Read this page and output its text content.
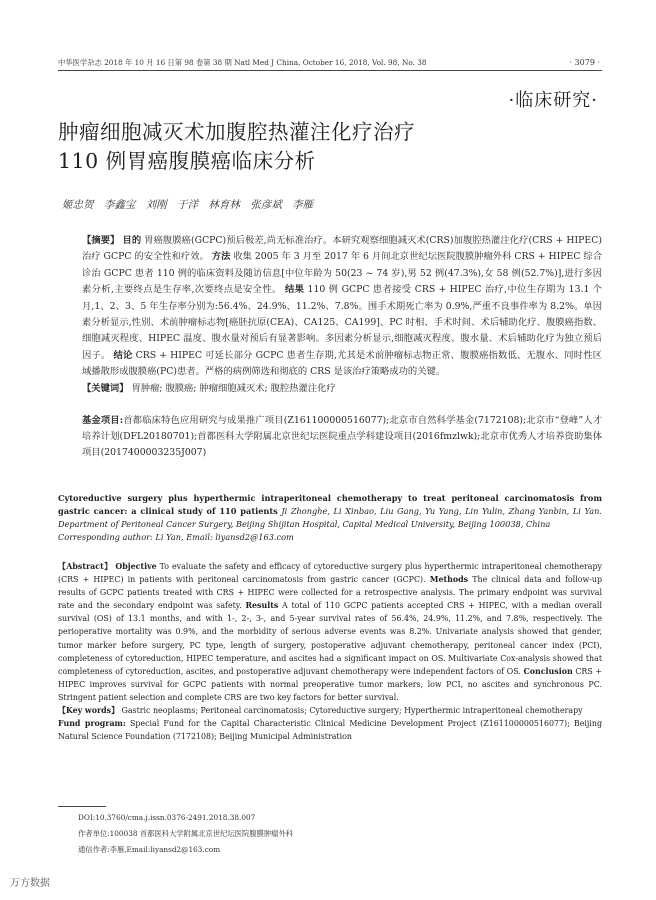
中华医学杂志 2018 年 10 月 16 日第 98 卷第 38 期 Natl Med J China, October 16, 2018, Vol. 98, No. 38	· 3079 ·
·临床研究·
肿瘤细胞减灭术加腹腔热灌注化疗治疗
110 例胃癌腹膜癌临床分析
姬忠贺 李鑫宝 刘刚 于洋 林育林 张彦斌 李雁

【摘要】 目的 胃癌腹膜癌(GCPC)预后极差,尚无标准治疗。本研究观察细胞减灭术(CRS)加腹腔热灌注化疗(CRS + HIPEC)治疗 GCPC 的安全性和疗效。 方法 收集 2005 年 3 月至 2017 年 6 月间北京世纪坛医院腹膜肿瘤外科 CRS + HIPEC 综合诊治 GCPC 患者 110 例的临床资料及随访信息[中位年龄为 50(23 ~ 74 岁),男 52 例(47.3%),女 58 例(52.7%)],进行多因素分析,主要终点是生存率,次要终点是安全性。 结果 110 例 GCPC 患者接受 CRS + HIPEC 治疗,中位生存期为 13.1 个月,1、2、3、5 年生存率分别为:56.4%、24.9%、11.2%、7.8%。围手术期死亡率为 0.9%,严重不良事件率为 8.2%。单因素分析显示,性别、术前肿瘤标志物[癌胚抗原(CEA)、CA125、CA199]、PC 时相、手术时间、术后辅助化疗、腹膜癌指数、细胞减灭程度、HIPEC 温度、腹水量对预后有显著影响。多因素分析显示,细胞减灭程度、腹水量、术后辅助化疗为独立预后因子。 结论 CRS + HIPEC 可延长部分 GCPC 患者生存期,尤其是术前肿瘤标志物正常、腹膜癌指数低、无腹水、同时性区域播散形成腹膜癌(PC)患者。严格的病例筛选和彻底的 CRS 是该治疗策略成功的关键。

【关键词】 胃肿瘤; 腹膜癌; 肿瘤细胞减灭术; 腹腔热灌注化疗

基金项目:首都临床特色应用研究与成果推广项目(Z161100000516077);北京市自然科学基金(7172108);北京市“登峰”人才培养计划(DFL20180701);首都医科大学附属北京世纪坛医院重点学科建设项目(2016fmzlwk);北京市优秀人才培养资助集体项目(2017400003235J007)
Cytoreductive surgery plus hyperthermic intraperitoneal chemotherapy to treat peritoneal carcinomatosis from gastric cancer: a clinical study of 110 patients Ji Zhonghe, Li Xinbao, Liu Gang, Yu Yang, Lin Yulin, Zhang Yanbin, Li Yan. Department of Peritoneal Cancer Surgery, Beijing Shijitan Hospital, Capital Medical University, Beijing 100038, China
Corresponding author: Li Yan, Email: liyansd2@163.com

【Abstract】 Objective To evaluate the safety and efficacy of cytoreductive surgery plus hyperthermic intraperitoneal chemotherapy (CRS + HIPEC) in patients with peritoneal carcinomatosis from gastric cancer (GCPC). Methods The clinical data and follow-up results of GCPC patients treated with CRS + HIPEC were collected for a retrospective analysis. The primary endpoint was survival rate and the secondary endpoint was safety. Results A total of 110 GCPC patients accepted CRS + HIPEC, with a median overall survival (OS) of 13.1 months, and with 1-, 2-, 3-, and 5-year survival rates of 56.4%, 24.9%, 11.2%, and 7.8%, respectively. The perioperative mortality was 0.9%, and the morbidity of serious adverse events was 8.2%. Univariate analysis showed that gender, tumor marker before surgery, PC type, length of surgery, postoperative adjuvant chemotherapy, peritoneal cancer index (PCI), completeness of cytoreduction, HIPEC temperature, and ascites had a significant impact on OS. Multivariate Cox-analysis showed that completeness of cytoreduction, ascites, and postoperative adjuvant chemotherapy were independent factors of OS. Conclusion CRS + HIPEC improves survival for GCPC patients with normal preoperative tumor markers, low PCI, no ascites and synchronous PC. Stringent patient selection and complete CRS are two key factors for better survival.

【Key words】 Gastric neoplasms; Peritoneal carcinomatosis; Cytoreductive surgery; Hyperthermic intraperitoneal chemotherapy

Fund program: Special Fund for the Capital Characteristic Clinical Medicine Development Project (Z161100000516077); Beijing Natural Science Foundation (7172108); Beijing Municipal Administration

DOI:10.3760/cma.j.issn.0376-2491.2018.38.007
作者单位:100038 首都医科大学附属北京世纪坛医院腹膜肿瘤外科
通信作者:李雁,Email:liyansd2@163.com
万方数据
